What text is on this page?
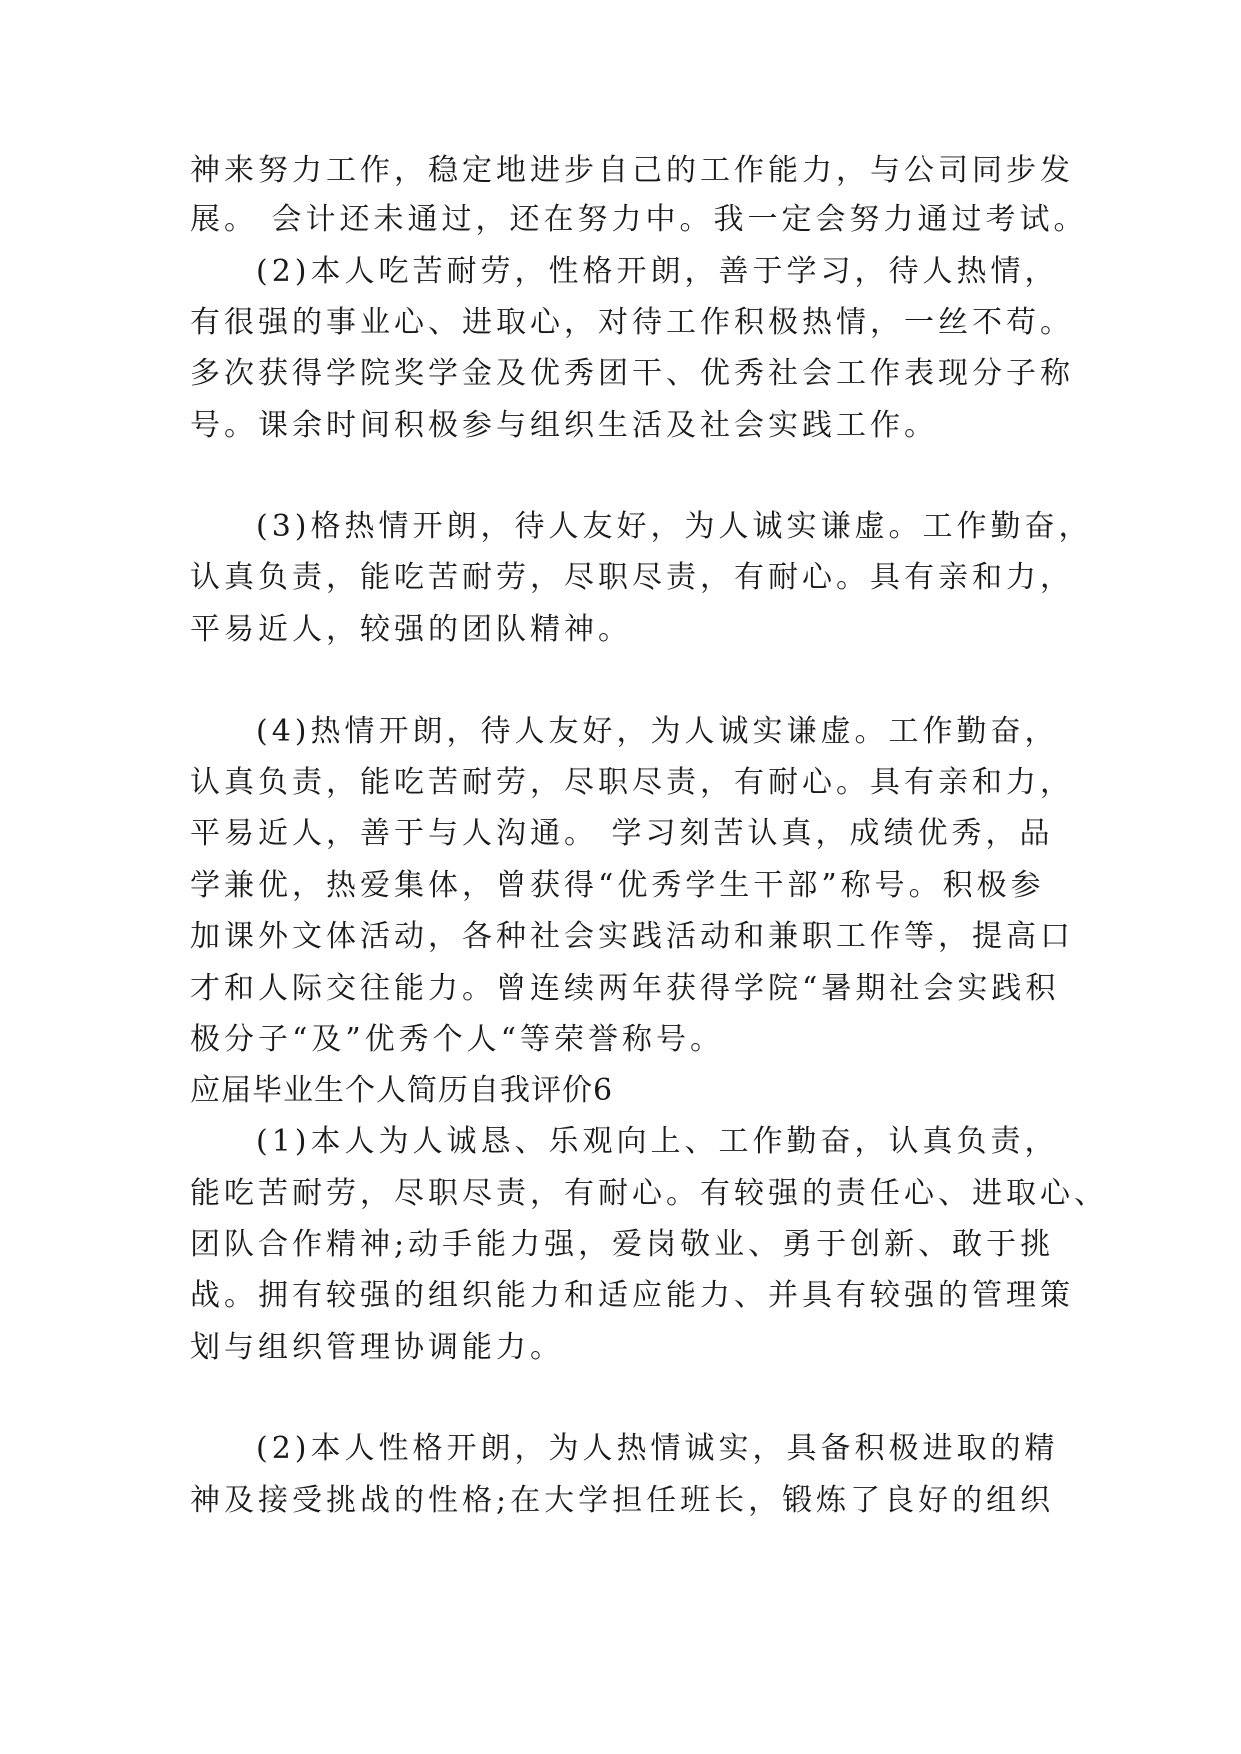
神来努力工作，稳定地进步自己的工作能力，与公司同步发
展。 会计还未通过，还在努力中。我一定会努力通过考试。
(2)本人吃苦耐劳，性格开朗，善于学习，待人热情，
有很强的事业心、进取心，对待工作积极热情，一丝不苟。
多次获得学院奖学金及优秀团干、优秀社会工作表现分子称
号。课余时间积极参与组织生活及社会实践工作。
(3)格热情开朗，待人友好，为人诚实谦虚。工作勤奋，
认真负责，能吃苦耐劳，尽职尽责，有耐心。具有亲和力，
平易近人，较强的团队精神。
(4)热情开朗，待人友好，为人诚实谦虚。工作勤奋，
认真负责，能吃苦耐劳，尽职尽责，有耐心。具有亲和力，
平易近人，善于与人沟通。 学习刻苦认真，成绩优秀，品
学兼优，热爱集体，曾获得“优秀学生干部”称号。积极参
加课外文体活动，各种社会实践活动和兼职工作等，提高口
才和人际交往能力。曾连续两年获得学院“暑期社会实践积
极分子“及”优秀个人“等荣誉称号。
应届毕业生个人简历自我评价6
(1)本人为人诚恳、乐观向上、工作勤奋，认真负责，
能吃苦耐劳，尽职尽责，有耐心。有较强的责任心、进取心、
团队合作精神;动手能力强，爱岗敬业、勇于创新、敢于挑
战。拥有较强的组织能力和适应能力、并具有较强的管理策
划与组织管理协调能力。
(2)本人性格开朗，为人热情诚实，具备积极进取的精
神及接受挑战的性格;在大学担任班长，锻炼了良好的组织
